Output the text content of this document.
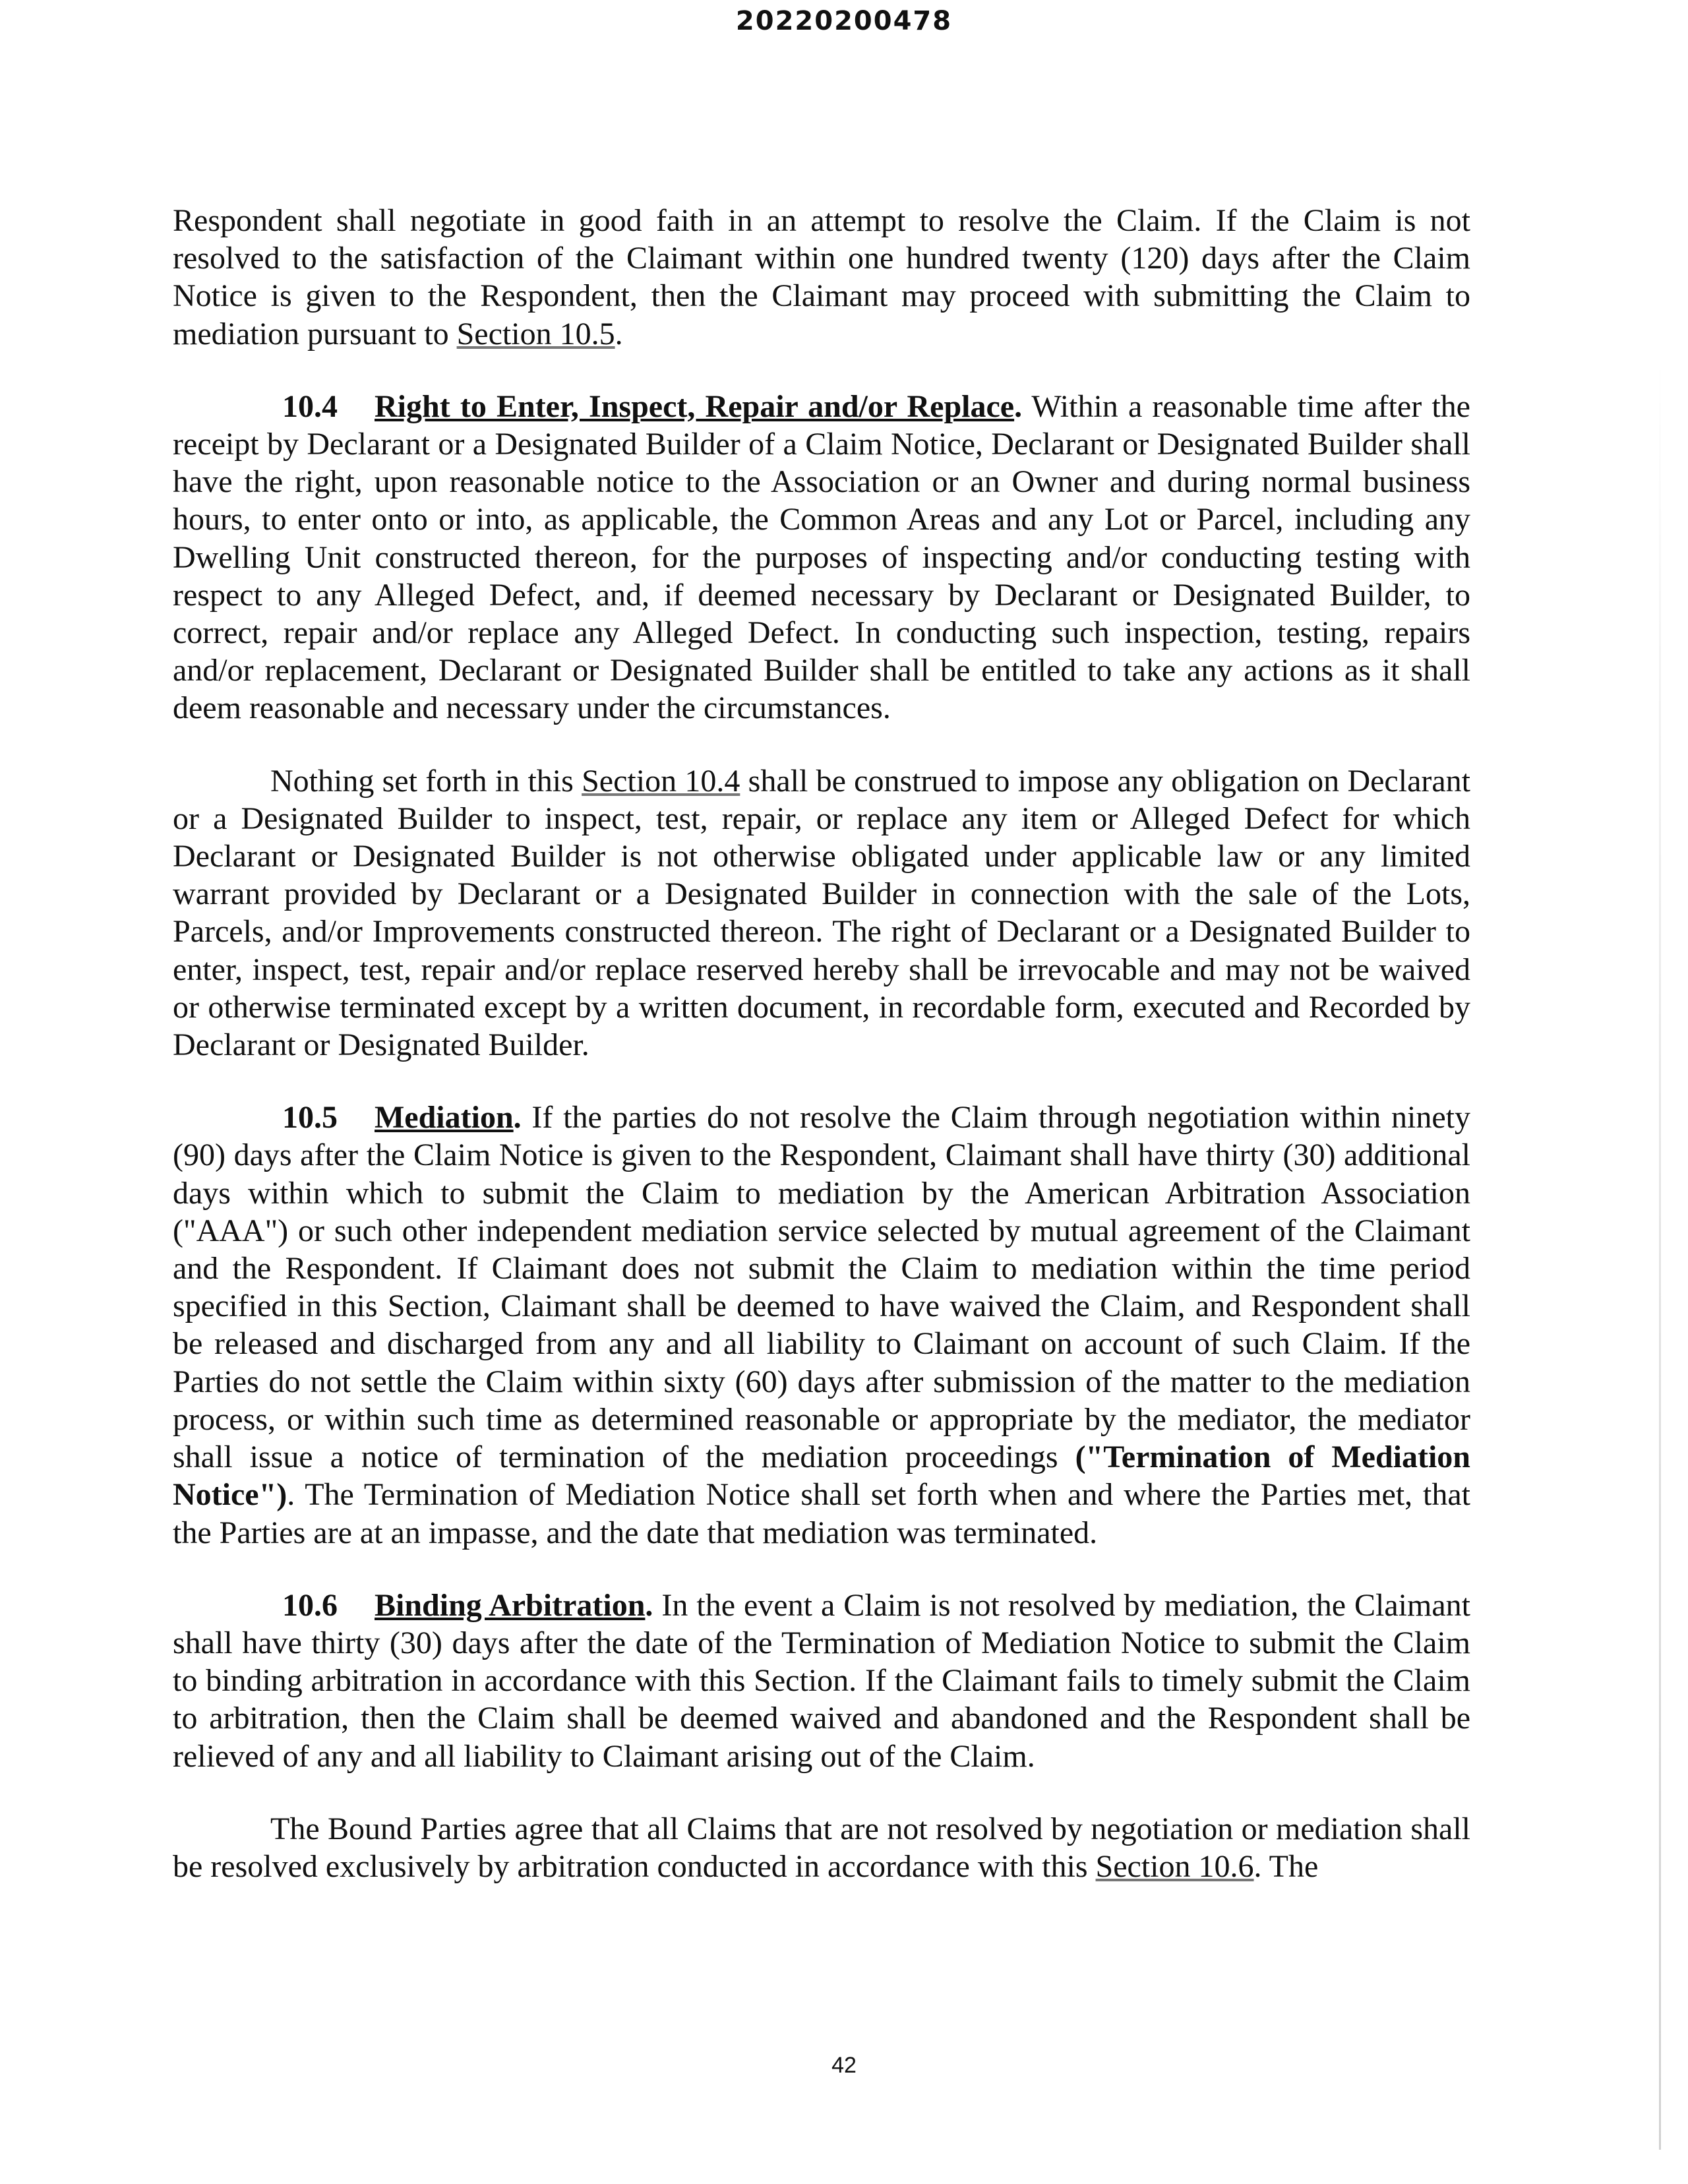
20220200478

Respondent shall negotiate in good faith in an attempt to resolve the Claim. If the Claim is not resolved to the satisfaction of the Claimant within one hundred twenty (120) days after the Claim Notice is given to the Respondent, then the Claimant may proceed with submitting the Claim to mediation pursuant to Section 10.5.

10.4 Right to Enter, Inspect, Repair and/or Replace. Within a reasonable time after the receipt by Declarant or a Designated Builder of a Claim Notice, Declarant or Designated Builder shall have the right, upon reasonable notice to the Association or an Owner and during normal business hours, to enter onto or into, as applicable, the Common Areas and any Lot or Parcel, including any Dwelling Unit constructed thereon, for the purposes of inspecting and/or conducting testing with respect to any Alleged Defect, and, if deemed necessary by Declarant or Designated Builder, to correct, repair and/or replace any Alleged Defect. In conducting such inspection, testing, repairs and/or replacement, Declarant or Designated Builder shall be entitled to take any actions as it shall deem reasonable and necessary under the circumstances.

Nothing set forth in this Section 10.4 shall be construed to impose any obligation on Declarant or a Designated Builder to inspect, test, repair, or replace any item or Alleged Defect for which Declarant or Designated Builder is not otherwise obligated under applicable law or any limited warrant provided by Declarant or a Designated Builder in connection with the sale of the Lots, Parcels, and/or Improvements constructed thereon. The right of Declarant or a Designated Builder to enter, inspect, test, repair and/or replace reserved hereby shall be irrevocable and may not be waived or otherwise terminated except by a written document, in recordable form, executed and Recorded by Declarant or Designated Builder.

10.5 Mediation. If the parties do not resolve the Claim through negotiation within ninety (90) days after the Claim Notice is given to the Respondent, Claimant shall have thirty (30) additional days within which to submit the Claim to mediation by the American Arbitration Association ("AAA") or such other independent mediation service selected by mutual agreement of the Claimant and the Respondent. If Claimant does not submit the Claim to mediation within the time period specified in this Section, Claimant shall be deemed to have waived the Claim, and Respondent shall be released and discharged from any and all liability to Claimant on account of such Claim. If the Parties do not settle the Claim within sixty (60) days after submission of the matter to the mediation process, or within such time as determined reasonable or appropriate by the mediator, the mediator shall issue a notice of termination of the mediation proceedings ("Termination of Mediation Notice"). The Termination of Mediation Notice shall set forth when and where the Parties met, that the Parties are at an impasse, and the date that mediation was terminated.

10.6 Binding Arbitration. In the event a Claim is not resolved by mediation, the Claimant shall have thirty (30) days after the date of the Termination of Mediation Notice to submit the Claim to binding arbitration in accordance with this Section. If the Claimant fails to timely submit the Claim to arbitration, then the Claim shall be deemed waived and abandoned and the Respondent shall be relieved of any and all liability to Claimant arising out of the Claim.

The Bound Parties agree that all Claims that are not resolved by negotiation or mediation shall be resolved exclusively by arbitration conducted in accordance with this Section 10.6. The

42
